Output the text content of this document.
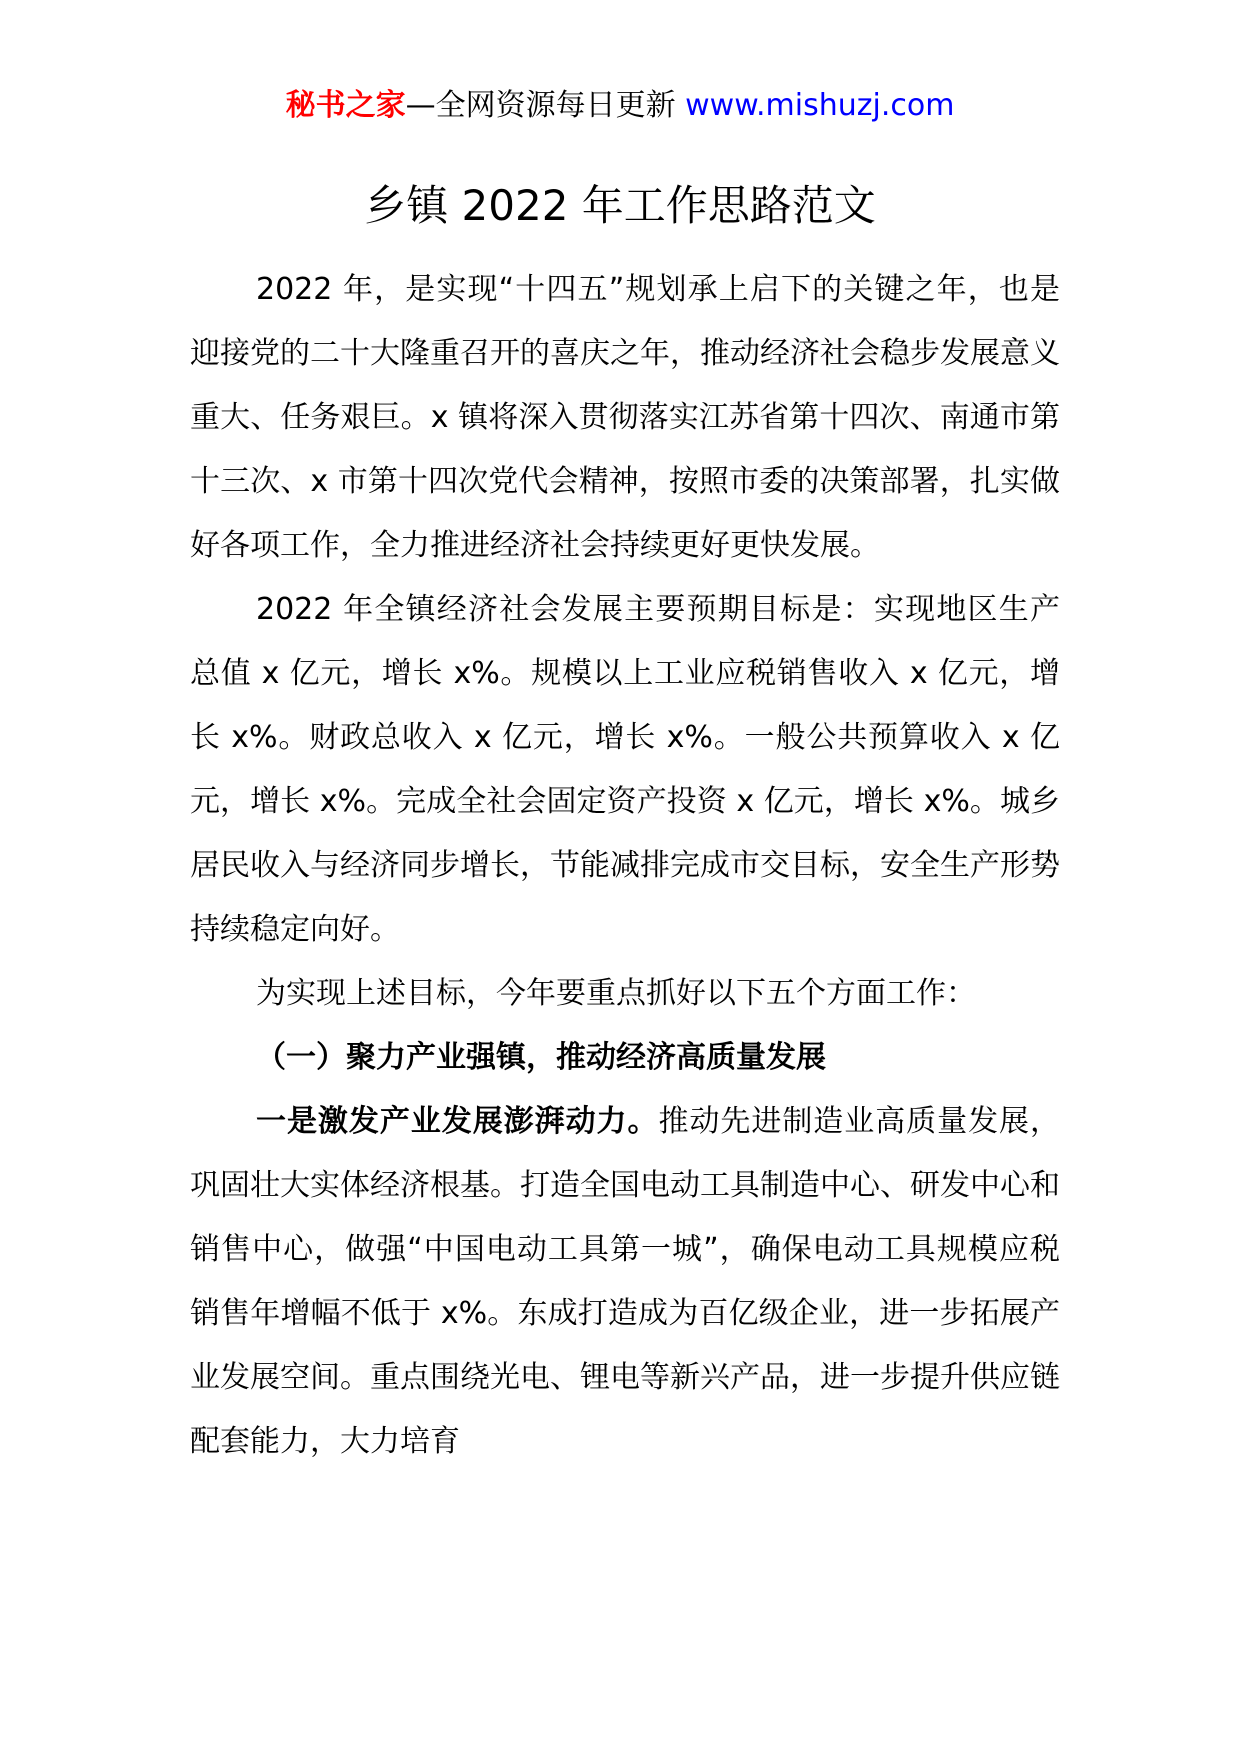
秘书之家—全网资源每日更新 www.mishuzj.com
乡镇 2022 年工作思路范文

2022 年，是实现“十四五”规划承上启下的关键之年，也是迎接党的二十大隆重召开的喜庆之年，推动经济社会稳步发展意义重大、任务艰巨。x 镇将深入贯彻落实江苏省第十四次、南通市第十三次、x 市第十四次党代会精神，按照市委的决策部署，扎实做好各项工作，全力推进经济社会持续更好更快发展。

2022 年全镇经济社会发展主要预期目标是：实现地区生产总值 x 亿元，增长 x%。规模以上工业应税销售收入 x 亿元，增长 x%。财政总收入 x 亿元，增长 x%。一般公共预算收入 x 亿元，增长 x%。完成全社会固定资产投资 x 亿元，增长 x%。城乡居民收入与经济同步增长，节能减排完成市交目标，安全生产形势持续稳定向好。

为实现上述目标，今年要重点抓好以下五个方面工作：

（一）聚力产业强镇，推动经济高质量发展

一是激发产业发展澎湃动力。推动先进制造业高质量发展，巩固壮大实体经济根基。打造全国电动工具制造中心、研发中心和销售中心，做强“中国电动工具第一城”，确保电动工具规模应税销售年增幅不低于 x%。东成打造成为百亿级企业，进一步拓展产业发展空间。重点围绕光电、锂电等新兴产品，进一步提升供应链配套能力，大力培育
